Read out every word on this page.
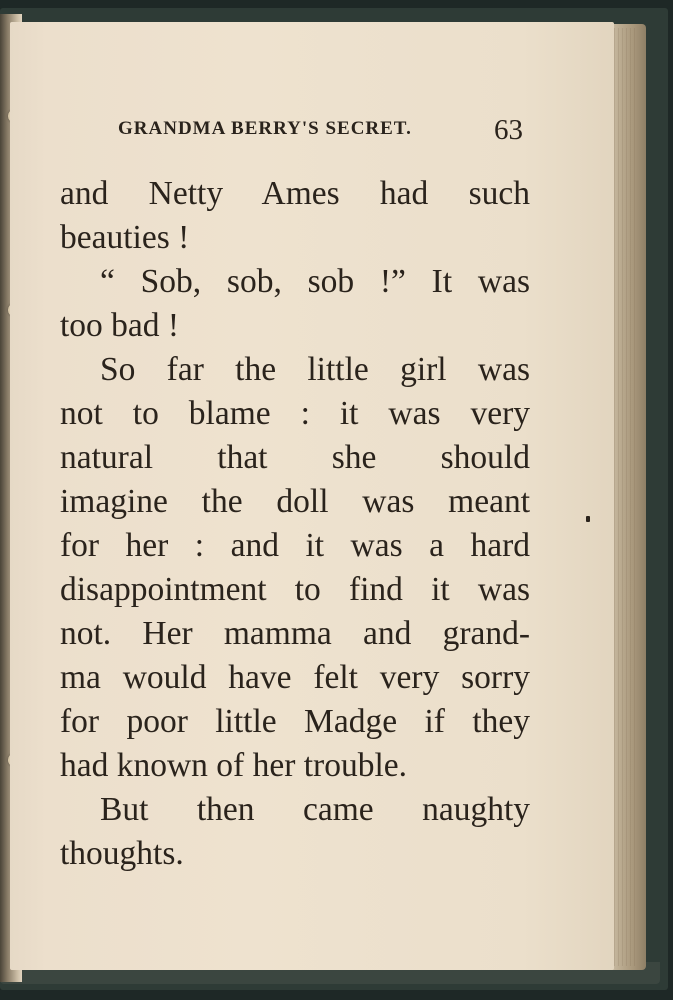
GRANDMA BERRY'S SECRET.	63

and Netty Ames had such

beauties !

“ Sob, sob, sob !” It was

too bad !

So far the little girl was

not to blame : it was very

natural that she should

imagine the doll was meant

for her : and it was a hard

disappointment to find it was

not. Her mamma and grand-

ma would have felt very sorry

for poor little Madge if they

had known of her trouble.

But then came naughty

thoughts.
